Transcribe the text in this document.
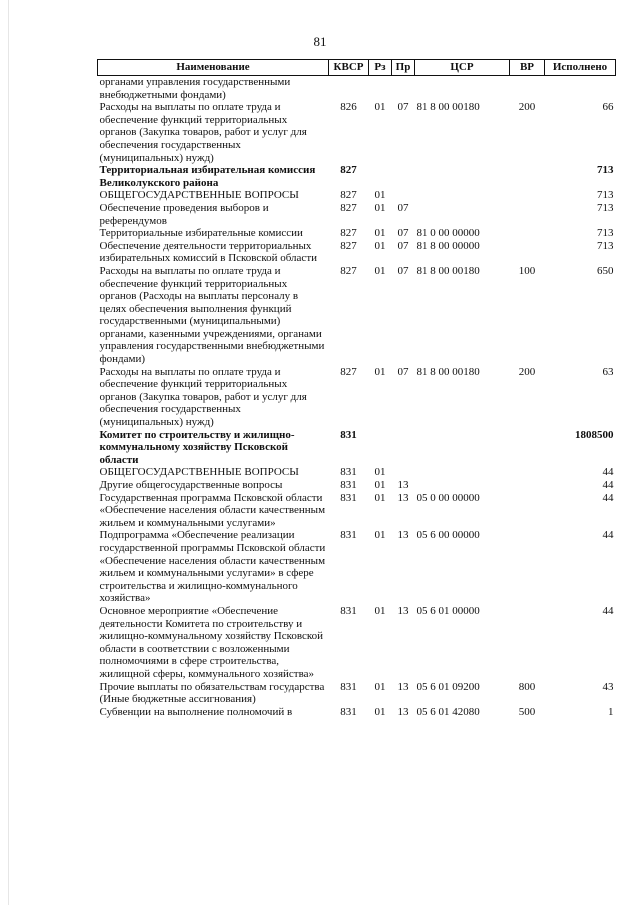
81
Наименование	КВСР	Рз	Пр	ЦСР	ВР	Исполнено
органами управления государственными внебюджетными фондами)						
Расходы на выплаты по оплате труда и обеспечение функций территориальных органов (Закупка товаров, работ и услуг для обеспечения государственных (муниципальных) нужд)	826	01	07	81 8 00 00180	200	66
Территориальная избирательная комиссия Великолукского района	827					713
ОБЩЕГОСУДАРСТВЕННЫЕ ВОПРОСЫ	827	01				713
Обеспечение проведения выборов и референдумов	827	01	07			713
Территориальные избирательные комиссии	827	01	07	81 0 00 00000		713
Обеспечение деятельности территориальных избирательных комиссий в Псковской области	827	01	07	81 8 00 00000		713
Расходы на выплаты по оплате труда и обеспечение функций территориальных органов (Расходы на выплаты персоналу в целях обеспечения выполнения функций государственными (муниципальными) органами, казенными учреждениями, органами управления государственными внебюджетными фондами)	827	01	07	81 8 00 00180	100	650
Расходы на выплаты по оплате труда и обеспечение функций территориальных органов (Закупка товаров, работ и услуг для обеспечения государственных (муниципальных) нужд)	827	01	07	81 8 00 00180	200	63
Комитет по строительству и жилищно-коммунальному хозяйству Псковской области	831					1808500
ОБЩЕГОСУДАРСТВЕННЫЕ ВОПРОСЫ	831	01				44
Другие общегосударственные вопросы	831	01	13			44
Государственная программа Псковской области «Обеспечение населения области качественным жильем и коммунальными услугами»	831	01	13	05 0 00 00000		44
Подпрограмма «Обеспечение реализации государственной программы Псковской области «Обеспечение населения области качественным жильем и коммунальными услугами» в сфере строительства и жилищно-коммунального хозяйства»	831	01	13	05 6 00 00000		44
Основное мероприятие «Обеспечение деятельности Комитета по строительству и жилищно-коммунальному хозяйству Псковской области в соответствии с возложенными полномочиями в сфере строительства, жилищной сферы, коммунального хозяйства»	831	01	13	05 6 01 00000		44
Прочие выплаты по обязательствам государства (Иные бюджетные ассигнования)	831	01	13	05 6 01 09200	800	43
Субвенции на выполнение полномочий в	831	01	13	05 6 01 42080	500	1
